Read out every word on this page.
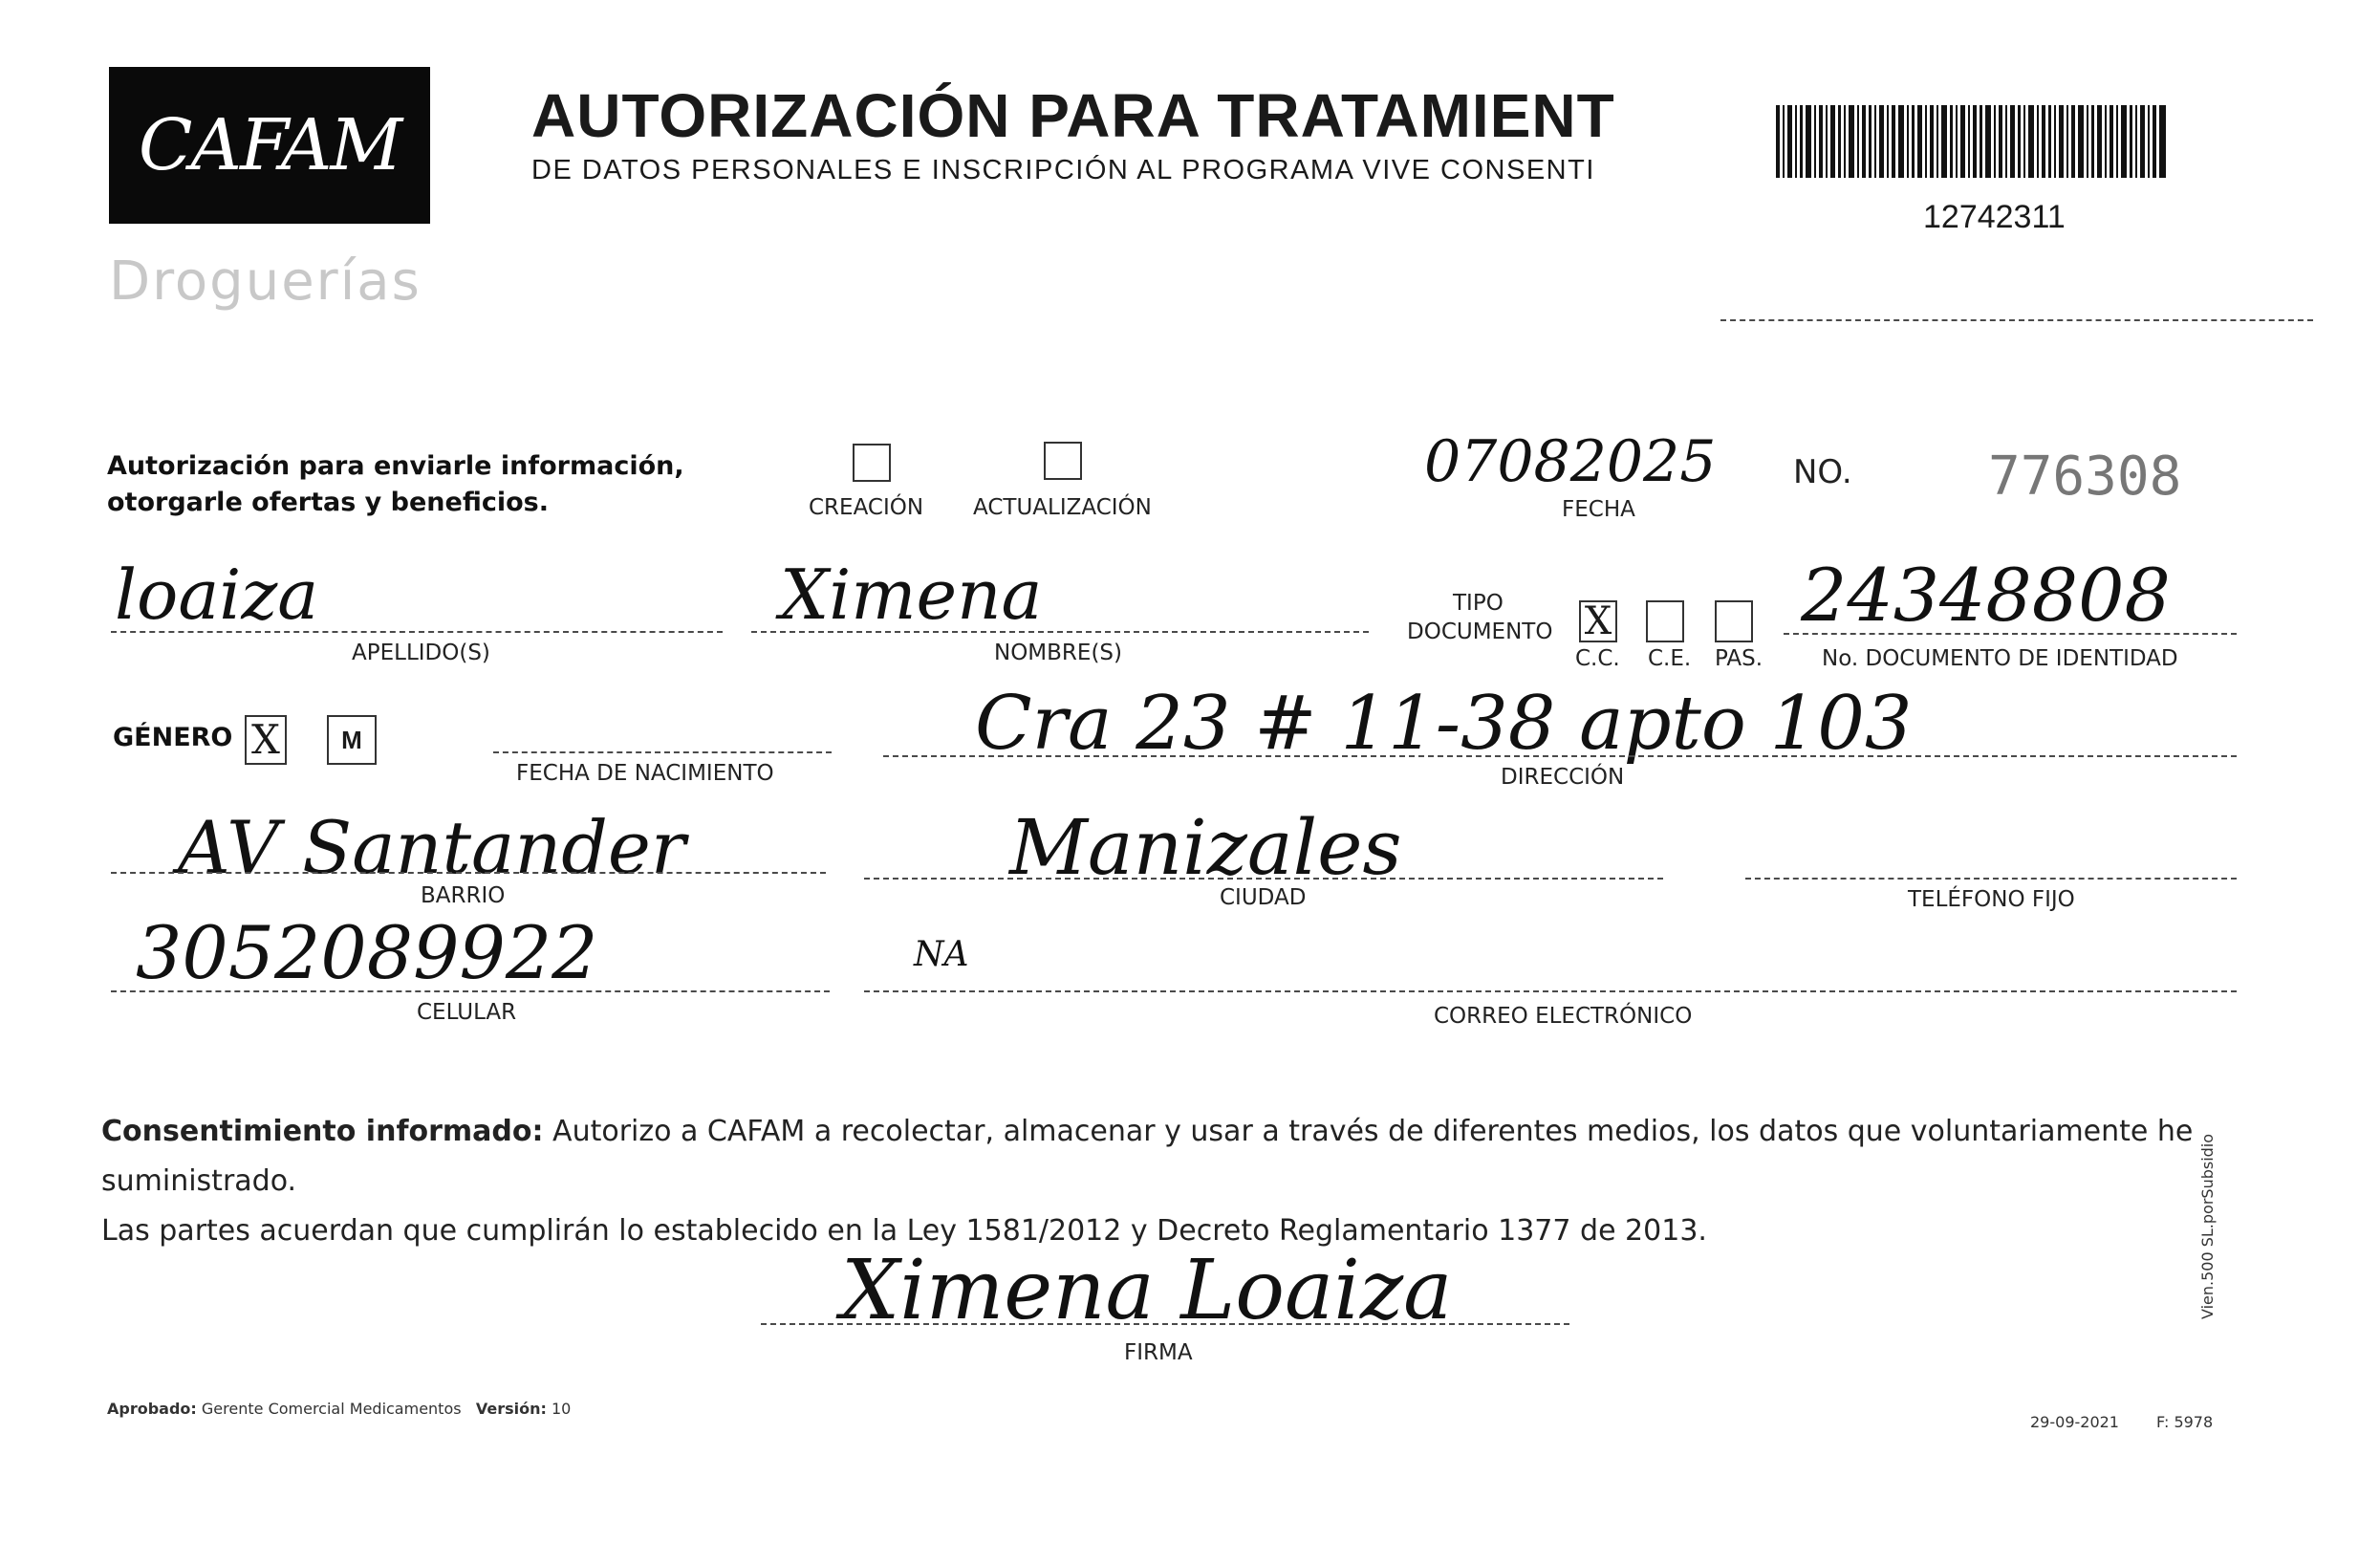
CAFAM
Droguerías
AUTORIZACIÓN PARA TRATAMIENT
DE DATOS PERSONALES E INSCRIPCIÓN AL PROGRAMA VIVE CONSENTI
12742311
Autorización para enviarle información,
otorgarle ofertas y beneficios.	CREACIÓN ACTUALIZACIÓN
07082025
FECHA
NO.	776308
loaiza
APELLIDO(S)
Ximena
NOMBRE(S)
TIPO
DOCUMENTO X
C.C. C.E. PAS.
24348808
No. DOCUMENTO DE IDENTIDAD
GÉNERO X	M
FECHA DE NACIMIENTO
Cra 23 # 11-38 apto 103
DIRECCIÓN
AV Santander
BARRIO
Manizales
CIUDAD	TELÉFONO FIJO
3052089922
CELULAR
NA
CORREO ELECTRÓNICO
Consentimiento informado: Autorizo a CAFAM a recolectar, almacenar y usar a través de diferentes medios, los datos que voluntariamente he suministrado.
Las partes acuerdan que cumplirán lo establecido en la Ley 1581/2012 y Decreto Reglamentario 1377 de 2013.
Ximena Loaiza
FIRMA
Aprobado: Gerente Comercial Medicamentos Versión: 10
29-09-2021 F: 5978
Vien.500 SL.porSubsidio
